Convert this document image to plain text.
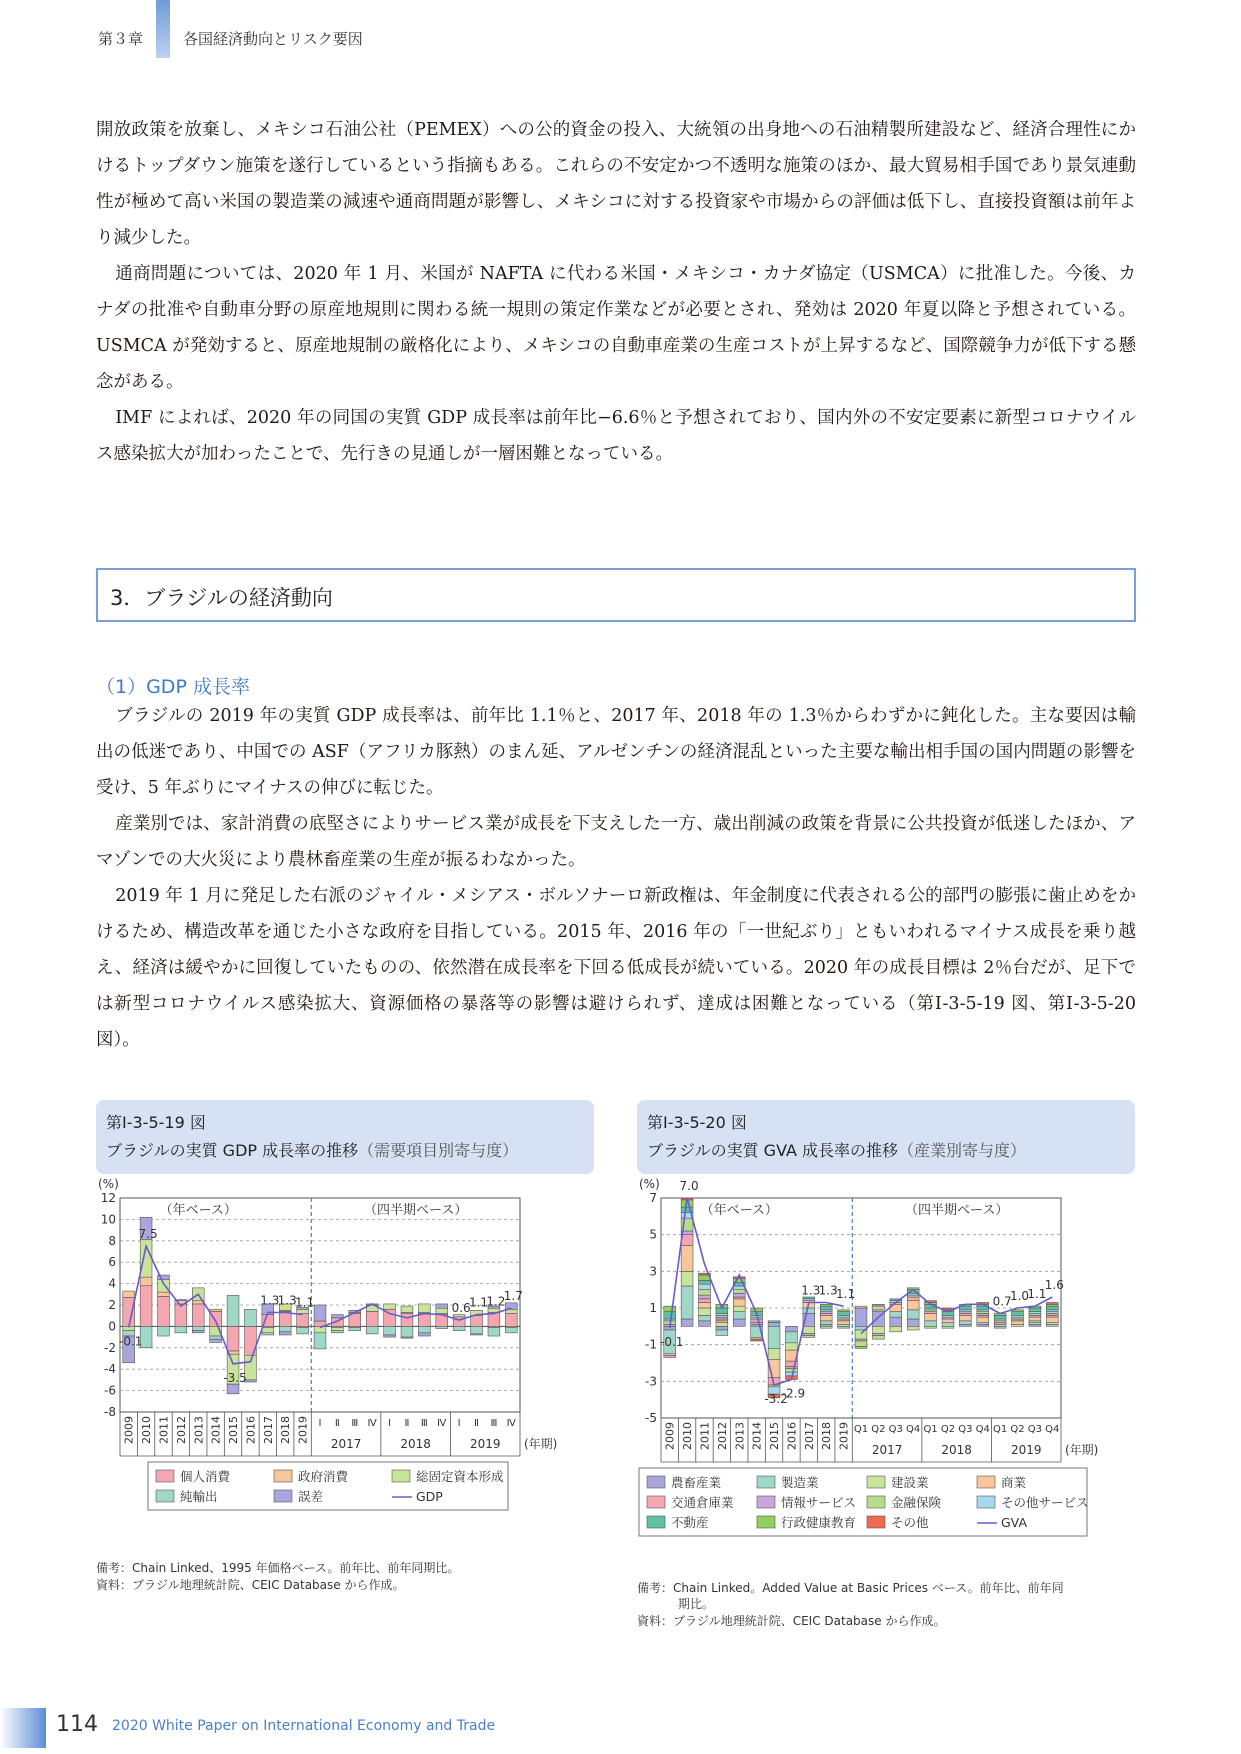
第３章	各国経済動向とリスク要因

開放政策を放棄し、メキシコ石油公社（PEMEX）への公的資金の投入、大統領の出身地への石油精製所建設など、経済合理性にかけるトップダウン施策を遂行しているという指摘もある。これらの不安定かつ不透明な施策のほか、最大貿易相手国であり景気連動性が極めて高い米国の製造業の減速や通商問題が影響し、メキシコに対する投資家や市場からの評価は低下し、直接投資額は前年より減少した。

通商問題については、2020 年 1 月、米国が NAFTA に代わる米国・メキシコ・カナダ協定（USMCA）に批准した。今後、カナダの批准や自動車分野の原産地規則に関わる統一規則の策定作業などが必要とされ、発効は 2020 年夏以降と予想されている。USMCA が発効すると、原産地規制の厳格化により、メキシコの自動車産業の生産コストが上昇するなど、国際競争力が低下する懸念がある。

IMF によれば、2020 年の同国の実質 GDP 成長率は前年比−6.6％と予想されており、国内外の不安定要素に新型コロナウイルス感染拡大が加わったことで、先行きの見通しが一層困難となっている。

3．ブラジルの経済動向
（1）GDP 成長率

ブラジルの 2019 年の実質 GDP 成長率は、前年比 1.1％と、2017 年、2018 年の 1.3％からわずかに鈍化した。主な要因は輸出の低迷であり、中国での ASF（アフリカ豚熱）のまん延、アルゼンチンの経済混乱といった主要な輸出相手国の国内問題の影響を受け、5 年ぶりにマイナスの伸びに転じた。

産業別では、家計消費の底堅さによりサービス業が成長を下支えした一方、歳出削減の政策を背景に公共投資が低迷したほか、アマゾンでの大火災により農林畜産業の生産が振るわなかった。

2019 年 1 月に発足した右派のジャイル・メシアス・ボルソナーロ新政権は、年金制度に代表される公的部門の膨張に歯止めをかけるため、構造改革を通じた小さな政府を目指している。2015 年、2016 年の「一世紀ぶり」ともいわれるマイナス成長を乗り越え、経済は緩やかに回復していたものの、依然潜在成長率を下回る低成長が続いている。2020 年の成長目標は 2％台だが、足下では新型コロナウイルス感染拡大、資源価格の暴落等の影響は避けられず、達成は困難となっている（第Ⅰ-3-5-19 図、第Ⅰ-3-5-20 図）。

第Ⅰ-3-5-19 図
ブラジルの実質 GDP 成長率の推移（需要項目別寄与度）
12
10
8
6
4
2
0
-2
-4
-6
-8
(%)
（年ベース）	（四半期ベース）
-0.1
7.5
-3.5
1.3
1.3
1.1	0.6
1.1
1.2
1.7
2009 2010 2011 2012 2013 2014 2015 2016 2017 2018 2019 Ⅰ Ⅱ Ⅲ Ⅳ Ⅰ Ⅱ Ⅲ Ⅳ Ⅰ Ⅱ Ⅲ Ⅳ
2017	2018	2019 (年期)
個人消費	政府消費	総固定資本形成
純輸出	誤差	GDP
備考：Chain Linked、1995 年価格ベース。前年比、前年同期比。
資料：ブラジル地理統計院、CEIC Database から作成。
第Ⅰ-3-5-20 図
ブラジルの実質 GVA 成長率の推移（産業別寄与度）
7
5
3
1
-1
-3
-5
(%)
（年ベース）	（四半期ベース）
-0.1
7.0
-3.2
-2.9
1.3
1.3
1.1
0.7
1.0
1.1
1.6
2009 2010 2011 2012 2013 2014 2015 2016 2017 2018 2019 Q1 Q2 Q3 Q4 Q1 Q2 Q3 Q4 Q1 Q2 Q3 Q4
2017	2018	2019 (年期)
農畜産業	製造業	建設業	商業
交通倉庫業	情報サービス	金融保険	その他サービス
不動産	行政健康教育	その他	GVA
備考：Chain Linked。Added Value at Basic Prices ベース。前年比、前年同
期比。
資料：ブラジル地理統計院、CEIC Database から作成。
114 2020 White Paper on International Economy and Trade
